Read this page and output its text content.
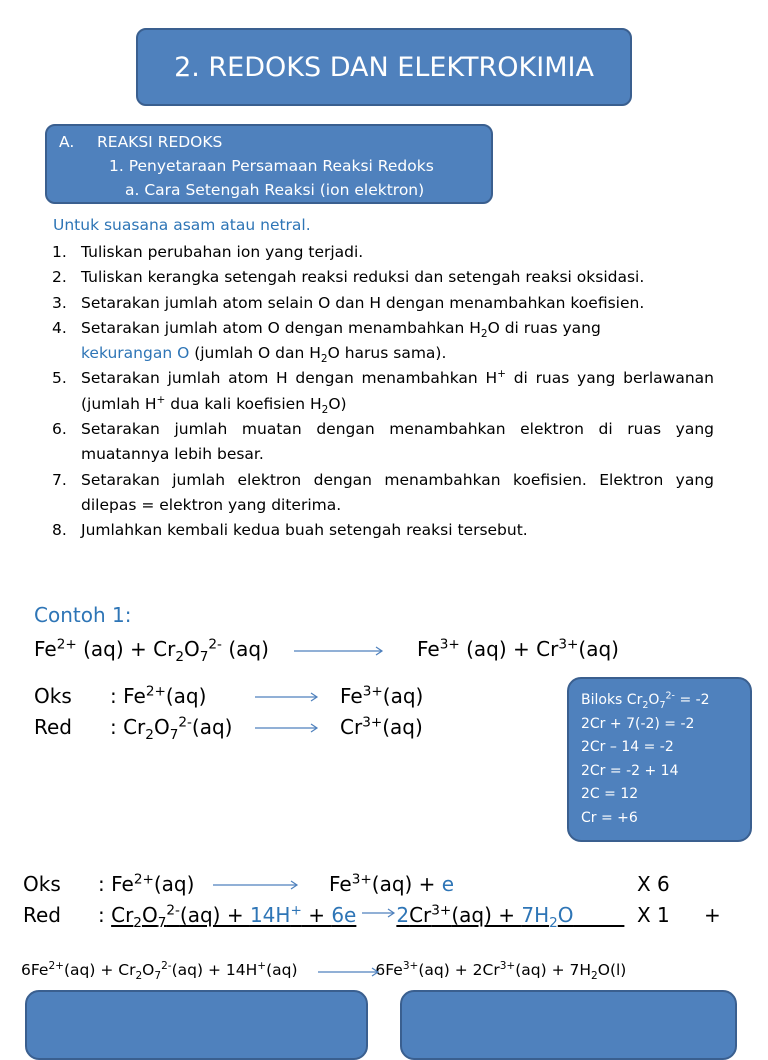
2. REDOKS DAN ELEKTROKIMIA
A. REAKSI REDOKS
1. Penyetaraan Persamaan Reaksi Redoks
a. Cara Setengah Reaksi (ion elektron)
Untuk suasana asam atau netral.
1. Tuliskan perubahan ion yang terjadi.
2. Tuliskan kerangka setengah reaksi reduksi dan setengah reaksi oksidasi.
3. Setarakan jumlah atom selain O dan H dengan menambahkan koefisien.
4. Setarakan jumlah atom O dengan menambahkan $H_2O$ di ruas yang
kekurangan O (jumlah O dan $H_2O$ harus sama).
5. Setarakan jumlah atom H dengan menambahkan H+ di ruas yang berlawanan (jumlah H+ dua kali koefisien $H_2O$)
6. Setarakan jumlah muatan dengan menambahkan elektron di ruas yang muatannya lebih besar.
7. Setarakan jumlah elektron dengan menambahkan koefisien. Elektron yang dilepas = elektron yang diterima.
8. Jumlahkan kembali kedua buah setengah reaksi tersebut.
Contoh 1:
$Fe^{2+}$ $(aq) + Cr_2O_7^{2-}$ (aq)	$Fe^{3+}$ $(aq) + Cr^{3+}(aq)$
Oks : $Fe^{2+}(aq)$	$Fe^{3+}(aq)$
Red : $Cr_2O_7^{2-}(aq)$	$Cr^{3+}(aq)$
Biloks $Cr_2O_7^{2-} = -2$
2Cr + 7(-2) = -2
2Cr – 14 = -2
2Cr = -2 + 14
2C = 12
Cr = +6
Oks : $Fe^{2+}(aq)$	$Fe^{3+}(aq) + e$	X 6
Red : $Cr_2O_7^{2-}(aq) + 14H^+ + 6e$ $2Cr^{3+}(aq) + 7H_2O$	X 1 +
$6Fe^{2+}(aq) + Cr_2O_7^{2-}(aq) + 14H^+(aq)$	$6Fe^{3+}(aq) + 2Cr^{3+}(aq) + 7H_2O(l)$
